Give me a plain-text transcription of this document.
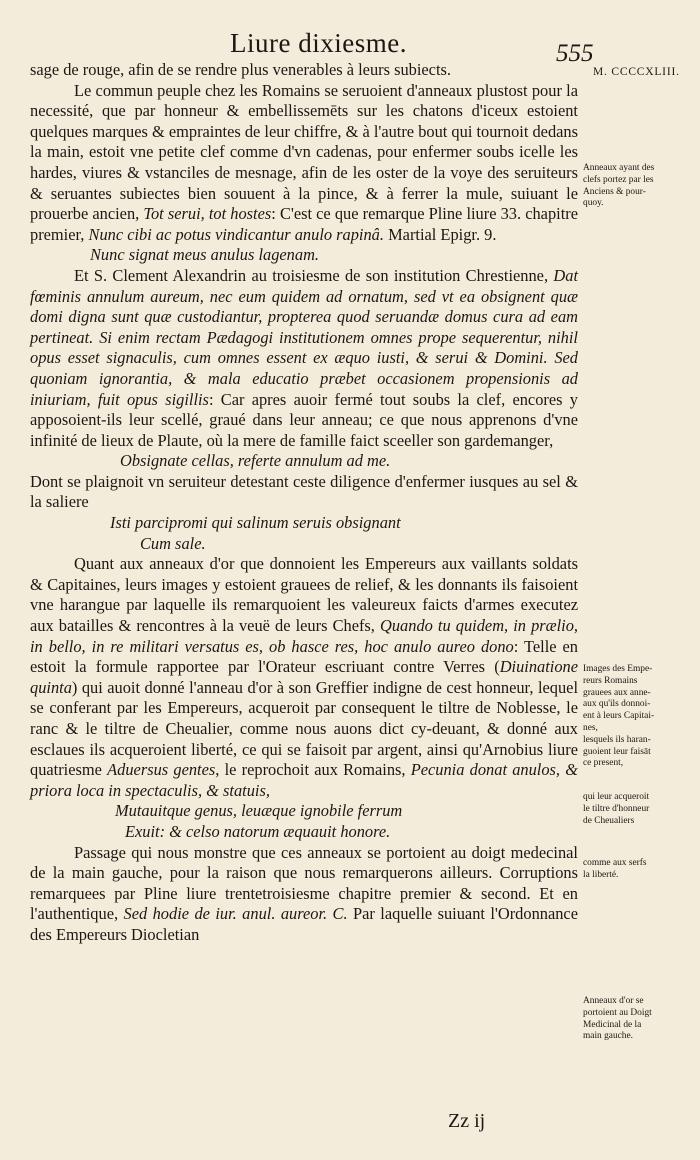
Liure dixiesme.	555
M. CCCCXLIII.

sage de rouge, afin de se rendre plus venerables à leurs subiects.

Le commun peuple chez les Romains se seruoient d'anneaux plustost pour la necessité, que par honneur & embellissemēts sur les chatons d'iceux estoient quelques marques & empraintes de leur chiffre, & à l'autre bout qui tournoit dedans la main, estoit vne petite clef comme d'vn cadenas, pour enfermer soubs icelle les hardes, viures & vstanciles de mesnage, afin de les oster de la voye des seruiteurs & seruantes subiectes bien souuent à la pince, & à ferrer la mule, suiuant le prouerbe ancien, Tot serui, tot hostes: C'est ce que remarque Pline liure 33. chapitre premier, Nunc cibi ac potus vindicantur anulo rapinâ. Martial Epigr. 9.

Nunc signat meus anulus lagenam.

Et S. Clement Alexandrin au troisiesme de son institution Chrestienne, Dat fœminis annulum aureum, nec eum quidem ad ornatum, sed vt ea obsignent quæ domi digna sunt quæ custodiantur, propterea quod seruandæ domus cura ad eam pertineat. Si enim rectam Pædagogi institutionem omnes prope sequerentur, nihil opus esset signaculis, cum omnes essent ex æquo iusti, & serui & Domini. Sed quoniam ignorantia, & mala educatio præbet occasionem propensionis ad iniuriam, fuit opus sigillis: Car apres auoir fermé tout soubs la clef, encores y apposoient-ils leur scellé, graué dans leur anneau; ce que nous apprenons d'vne infinité de lieux de Plaute, où la mere de famille faict sceeller son gardemanger,

Obsignate cellas, referte annulum ad me.

Dont se plaignoit vn seruiteur detestant ceste diligence d'enfermer iusques au sel & la saliere

Isti parcipromi qui salinum seruis obsignant

Cum sale.

Quant aux anneaux d'or que donnoient les Empereurs aux vaillants soldats & Capitaines, leurs images y estoient grauees de relief, & les donnants ils faisoient vne harangue par laquelle ils remarquoient les valeureux faicts d'armes executez aux batailles & rencontres à la veuë de leurs Chefs, Quando tu quidem, in prælio, in bello, in re militari versatus es, ob hasce res, hoc anulo aureo dono: Telle en estoit la formule rapportee par l'Orateur escriuant contre Verres (Diuinatione quinta) qui auoit donné l'anneau d'or à son Greffier indigne de cest honneur, lequel se conferant par les Empereurs, acqueroit par consequent le tiltre de Noblesse, le ranc & le tiltre de Cheualier, comme nous auons dict cy-deuant, & donné aux esclaues ils acqueroient liberté, ce qui se faisoit par argent, ainsi qu'Arnobius liure quatriesme Aduersus gentes, le reprochoit aux Romains, Pecunia donat anulos, & priora loca in spectaculis, & statuis,

Mutauitque genus, leuæque ignobile ferrum

Exuit: & celso natorum æquauit honore.

Passage qui nous monstre que ces anneaux se portoient au doigt medecinal de la main gauche, pour la raison que nous remarquerons ailleurs. Corruptions remarquees par Pline liure trentetroisiesme chapitre premier & second. Et en l'authentique, Sed hodie de iur. anul. aureor. C. Par laquelle suiuant l'Ordonnance des Empereurs Diocletian

Anneaux ayant des
clefs portez par les
Anciens & pour-
quoy.
Images des Empe-
reurs Romains
grauees aux anne-
aux qu'ils donnoi-
ent à leurs Capitai-
nes,
lesquels ils haran-
guoient leur faisāt
ce present,
qui leur acqueroit
le tiltre d'honneur
de Cheualiers
comme aux serfs
la liberté.
Anneaux d'or se
portoient au Doigt
Medicinal de la
main gauche.
Zz ij
